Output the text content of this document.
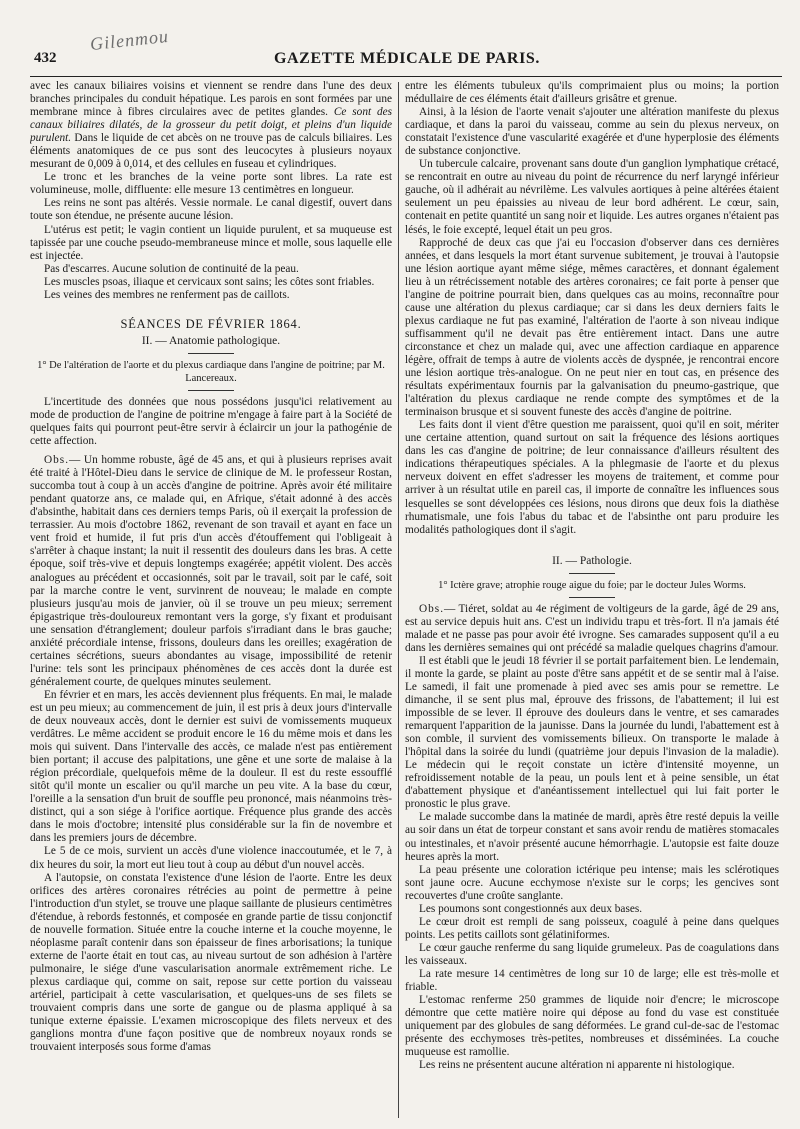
432
Gilenmou
GAZETTE MÉDICALE DE PARIS.

avec les canaux biliaires voisins et viennent se rendre dans l'une des deux branches principales du conduit hépatique. Les parois en sont formées par une membrane mince à fibres circulaires avec de petites glandes. Ce sont des canaux biliaires dilatés, de la grosseur du petit doigt, et pleins d'un liquide purulent. Dans le liquide de cet abcès on ne trouve pas de calculs biliaires. Les éléments anatomiques de ce pus sont des leucocytes à plusieurs noyaux mesurant de 0,009 à 0,014, et des cellules en fuseau et cylindriques.

Le tronc et les branches de la veine porte sont libres. La rate est volumineuse, molle, diffluente: elle mesure 13 centimètres en longueur.

Les reins ne sont pas altérés. Vessie normale. Le canal digestif, ouvert dans toute son étendue, ne présente aucune lésion.

L'utérus est petit; le vagin contient un liquide purulent, et sa muqueuse est tapissée par une couche pseudo-membraneuse mince et molle, sous laquelle elle est injectée.

Pas d'escarres. Aucune solution de continuité de la peau.

Les muscles psoas, iliaque et cervicaux sont sains; les côtes sont friables.

Les veines des membres ne renferment pas de caillots.

SÉANCES DE FÉVRIER 1864.

II. — Anatomie pathologique.

1° De l'altération de l'aorte et du plexus cardiaque dans l'angine de poitrine; par M. Lancereaux.

L'incertitude des données que nous possédons jusqu'ici relativement au mode de production de l'angine de poitrine m'engage à faire part à la Société de quelques faits qui pourront peut-être servir à éclaircir un jour la pathogénie de cette affection.

Obs.— Un homme robuste, âgé de 45 ans, et qui à plusieurs reprises avait été traité à l'Hôtel-Dieu dans le service de clinique de M. le professeur Rostan, succomba tout à coup à un accès d'angine de poitrine. Après avoir été militaire pendant quatorze ans, ce malade qui, en Afrique, s'était adonné à des accès d'absinthe, habitait dans ces derniers temps Paris, où il exerçait la profession de terrassier. Au mois d'octobre 1862, revenant de son travail et ayant en face un vent froid et humide, il fut pris d'un accès d'étouffement qui l'obligeait à s'arrêter à chaque instant; la nuit il ressentit des douleurs dans les bras. A cette époque, soif très-vive et depuis longtemps exagérée; appétit violent. Des accès analogues au précédent et occasionnés, soit par le travail, soit par le café, soit par la marche contre le vent, survinrent de nouveau; le malade en compte plusieurs jusqu'au mois de janvier, où il se trouve un peu mieux; serrement épigastrique très-douloureux remontant vers la gorge, s'y fixant et produisant une sensation d'étranglement; douleur parfois s'irradiant dans le bras gauche; anxiété précordiale intense, frissons, douleurs dans les oreilles; exagération de certaines sécrétions, sueurs abondantes au visage, impossibilité de retenir l'urine: tels sont les principaux phénomènes de ces accès dont la durée est généralement courte, de quelques minutes seulement.

En février et en mars, les accès deviennent plus fréquents. En mai, le malade est un peu mieux; au commencement de juin, il est pris à deux jours d'intervalle de deux nouveaux accès, dont le dernier est suivi de vomissements muqueux verdâtres. Le même accident se produit encore le 16 du même mois et dans les mois qui suivent. Dans l'intervalle des accès, ce malade n'est pas entièrement bien portant; il accuse des palpitations, une gêne et une sorte de malaise à la région précordiale, quelquefois même de la douleur. Il est du reste essoufflé sitôt qu'il monte un escalier ou qu'il marche un peu vite. A la base du cœur, l'oreille a la sensation d'un bruit de souffle peu prononcé, mais néanmoins très-distinct, qui a son siége à l'orifice aortique. Fréquence plus grande des accès dans le mois d'octobre; intensité plus considérable sur la fin de novembre et dans les premiers jours de décembre.

Le 5 de ce mois, survient un accès d'une violence inaccoutumée, et le 7, à dix heures du soir, la mort eut lieu tout à coup au début d'un nouvel accès.

A l'autopsie, on constata l'existence d'une lésion de l'aorte. Entre les deux orifices des artères coronaires rétrécies au point de permettre à peine l'introduction d'un stylet, se trouve une plaque saillante de plusieurs centimètres d'étendue, à rebords festonnés, et composée en grande partie de tissu conjonctif de nouvelle formation. Située entre la couche interne et la couche moyenne, le néoplasme paraît contenir dans son épaisseur de fines arborisations; la tunique externe de l'aorte était en tout cas, au niveau surtout de son adhésion à l'artère pulmonaire, le siége d'une vascularisation anormale extrêmement riche. Le plexus cardiaque qui, comme on sait, repose sur cette portion du vaisseau artériel, participait à cette vascularisation, et quelques-uns de ses filets se trouvaient compris dans une sorte de gangue ou de plasma appliqué à sa tunique externe épaissie. L'examen microscopique des filets nerveux et des ganglions montra d'une façon positive que de nombreux noyaux ronds se trouvaient interposés sous forme d'amas

entre les éléments tubuleux qu'ils comprimaient plus ou moins; la portion médullaire de ces éléments était d'ailleurs grisâtre et grenue.

Ainsi, à la lésion de l'aorte venait s'ajouter une altération manifeste du plexus cardiaque, et dans la paroi du vaisseau, comme au sein du plexus nerveux, on constatait l'existence d'une vascularité exagérée et d'une hyperplosie des éléments de substance conjonctive.

Un tubercule calcaire, provenant sans doute d'un ganglion lymphatique crétacé, se rencontrait en outre au niveau du point de récurrence du nerf laryngé inférieur gauche, où il adhérait au névrilème. Les valvules aortiques à peine altérées étaient seulement un peu épaissies au niveau de leur bord adhérent. Le cœur, sain, contenait en petite quantité un sang noir et liquide. Les autres organes n'étaient pas lésés, le foie excepté, lequel était un peu gros.

Rapproché de deux cas que j'ai eu l'occasion d'observer dans ces dernières années, et dans lesquels la mort étant survenue subitement, je trouvai à l'autopsie une lésion aortique ayant même siége, mêmes caractères, et donnant également lieu à un rétrécissement notable des artères coronaires; ce fait porte à penser que l'angine de poitrine pourrait bien, dans quelques cas au moins, reconnaître pour cause une altération du plexus cardiaque; car si dans les deux derniers faits le plexus cardiaque ne fut pas examiné, l'altération de l'aorte à son niveau indique suffisamment qu'il ne devait pas être entièrement intact. Dans une autre circonstance et chez un malade qui, avec une affection cardiaque en apparence légère, offrait de temps à autre de violents accès de dyspnée, je rencontrai encore une lésion aortique très-analogue. On ne peut nier en tout cas, en présence des résultats expérimentaux fournis par la galvanisation du pneumo-gastrique, que l'altération du plexus cardiaque ne rende compte des symptômes et de la terminaison brusque et si souvent funeste des accès d'angine de poitrine.

Les faits dont il vient d'être question me paraissent, quoi qu'il en soit, mériter une certaine attention, quand surtout on sait la fréquence des lésions aortiques dans les cas d'angine de poitrine; de leur connaissance d'ailleurs résultent des indications thérapeutiques spéciales. A la phlegmasie de l'aorte et du plexus nerveux doivent en effet s'adresser les moyens de traitement, et comme pour arriver à un résultat utile en pareil cas, il importe de connaître les influences sous lesquelles se sont développées ces lésions, nous dirons que deux fois la diathèse rhumatismale, une fois l'abus du tabac et de l'absinthe ont paru produire les modalités pathologiques dont il s'agit.

II. — Pathologie.

1° Ictère grave; atrophie rouge aigue du foie; par le docteur Jules Worms.

Obs.— Tiéret, soldat au 4e régiment de voltigeurs de la garde, âgé de 29 ans, est au service depuis huit ans. C'est un individu trapu et très-fort. Il n'a jamais été malade et ne passe pas pour avoir été ivrogne. Ses camarades supposent qu'il a eu dans les dernières semaines qui ont précédé sa maladie quelques chagrins d'amour.

Il est établi que le jeudi 18 février il se portait parfaitement bien. Le lendemain, il monte la garde, se plaint au poste d'être sans appétit et de se sentir mal à l'aise. Le samedi, il fait une promenade à pied avec ses amis pour se remettre. Le dimanche, il se sent plus mal, éprouve des frissons, de l'abattement; il lui est impossible de se lever. Il éprouve des douleurs dans le ventre, et ses camarades remarquent l'apparition de la jaunisse. Dans la journée du lundi, l'abattement est à son comble, il survient des vomissements bilieux. On transporte le malade à l'hôpital dans la soirée du lundi (quatrième jour depuis l'invasion de la maladie). Le médecin qui le reçoit constate un ictère d'intensité moyenne, un refroidissement notable de la peau, un pouls lent et à peine sensible, un état d'abattement physique et d'anéantissement intellectuel qui lui fait porter le pronostic le plus grave.

Le malade succombe dans la matinée de mardi, après être resté depuis la veille au soir dans un état de torpeur constant et sans avoir rendu de matières stomacales ou intestinales, et n'avoir présenté aucune hémorrhagie. L'autopsie est faite douze heures après la mort.

La peau présente une coloration ictérique peu intense; mais les sclérotiques sont jaune ocre. Aucune ecchymose n'existe sur le corps; les gencives sont recouvertes d'une croûte sanglante.

Les poumons sont congestionnés aux deux bases.

Le cœur droit est rempli de sang poisseux, coagulé à peine dans quelques points. Les petits caillots sont gélatiniformes.

Le cœur gauche renferme du sang liquide grumeleux. Pas de coagulations dans les vaisseaux.

La rate mesure 14 centimètres de long sur 10 de large; elle est très-molle et friable.

L'estomac renferme 250 grammes de liquide noir d'encre; le microscope démontre que cette matière noire qui dépose au fond du vase est constituée uniquement par des globules de sang déformées. Le grand cul-de-sac de l'estomac présente des ecchymoses très-petites, nombreuses et disséminées. La couche muqueuse est ramollie.

Les reins ne présentent aucune altération ni apparente ni histologique.
